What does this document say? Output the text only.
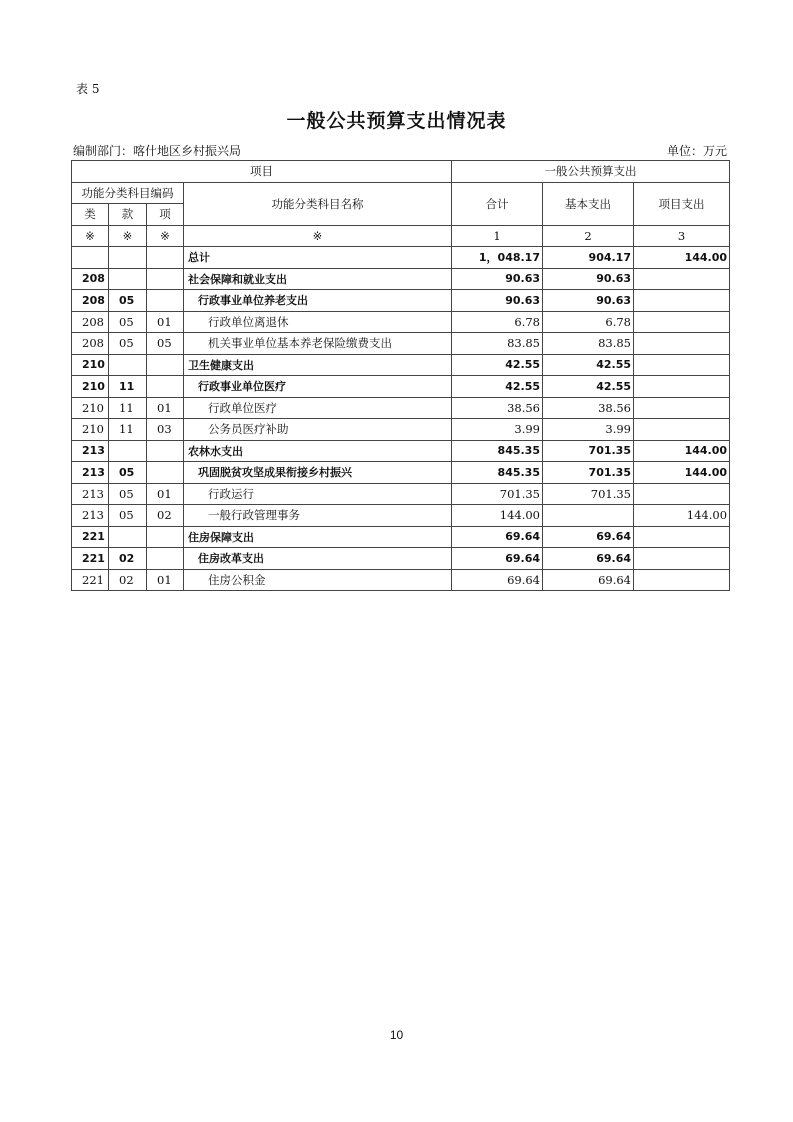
表 5
一般公共预算支出情况表
编制部门：喀什地区乡村振兴局	单位：万元
项目				一般公共预算支出		
功能分类科目编码			功能分类科目名称	合计	基本支出	项目支出
类	款	项				
※	※	※	※	1	2	3
			总计	1，048.17	904.17	144.00
208			社会保障和就业支出	90.63	90.63	
208	05		行政事业单位养老支出	90.63	90.63	
208	05	01	行政单位离退休	6.78	6.78	
208	05	05	机关事业单位基本养老保险缴费支出	83.85	83.85	
210			卫生健康支出	42.55	42.55	
210	11		行政事业单位医疗	42.55	42.55	
210	11	01	行政单位医疗	38.56	38.56	
210	11	03	公务员医疗补助	3.99	3.99	
213			农林水支出	845.35	701.35	144.00
213	05		巩固脱贫攻坚成果衔接乡村振兴	845.35	701.35	144.00
213	05	01	行政运行	701.35	701.35	
213	05	02	一般行政管理事务	144.00		144.00
221			住房保障支出	69.64	69.64	
221	02		住房改革支出	69.64	69.64	
221	02	01	住房公积金	69.64	69.64	
10
